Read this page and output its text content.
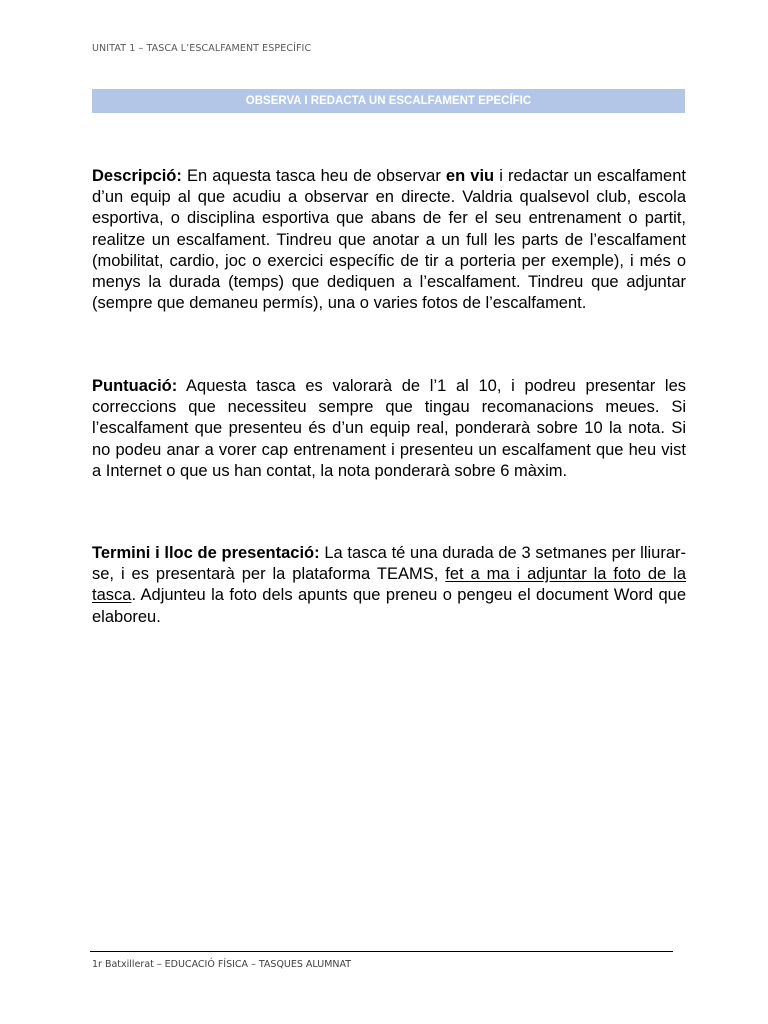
UNITAT 1 – TASCA L’ESCALFAMENT ESPECÍFIC
OBSERVA I REDACTA UN ESCALFAMENT EPECÍFIC

Descripció: En aquesta tasca heu de observar en viu i redactar un escalfament d’un equip al que acudiu a observar en directe. Valdria qualsevol club, escola esportiva, o disciplina esportiva que abans de fer el seu entrenament o partit, realitze un escalfament. Tindreu que anotar a un full les parts de l’escalfament (mobilitat, cardio, joc o exercici específic de tir a porteria per exemple), i més o menys la durada (temps) que dediquen a l’escalfament. Tindreu que adjuntar (sempre que demaneu permís), una o varies fotos de l’escalfament.

Puntuació: Aquesta tasca es valorarà de l’1 al 10, i podreu presentar les correccions que necessiteu sempre que tingau recomanacions meues. Si l’escalfament que presenteu és d’un equip real, ponderarà sobre 10 la nota. Si no podeu anar a vorer cap entrenament i presenteu un escalfament que heu vist a Internet o que us han contat, la nota ponderarà sobre 6 màxim.

Termini i lloc de presentació: La tasca té una durada de 3 setmanes per lliurar-se, i es presentarà per la plataforma TEAMS, fet a ma i adjuntar la foto de la tasca. Adjunteu la foto dels apunts que preneu o pengeu el document Word que elaboreu.

1r Batxillerat – EDUCACIÓ FÍSICA – TASQUES ALUMNAT
